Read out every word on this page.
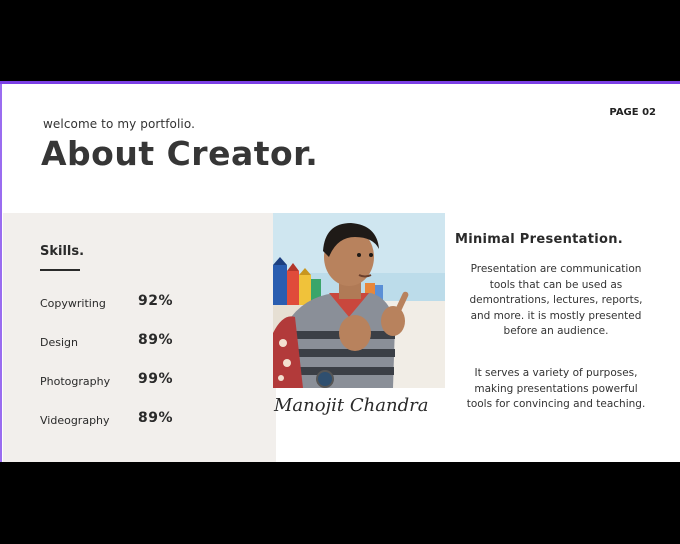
welcome to my portfolio.
PAGE 02
About Creator.
Skills.
Copywriting 92%
Design	89%
Photography 99%
Videography 89%
Manojit Chandra
Minimal Presentation.
Presentation are communication tools that can be used as demontrations, lectures, reports, and more. it is mostly presented before an audience.
It serves a variety of purposes, making presentations powerful tools for convincing and teaching.
